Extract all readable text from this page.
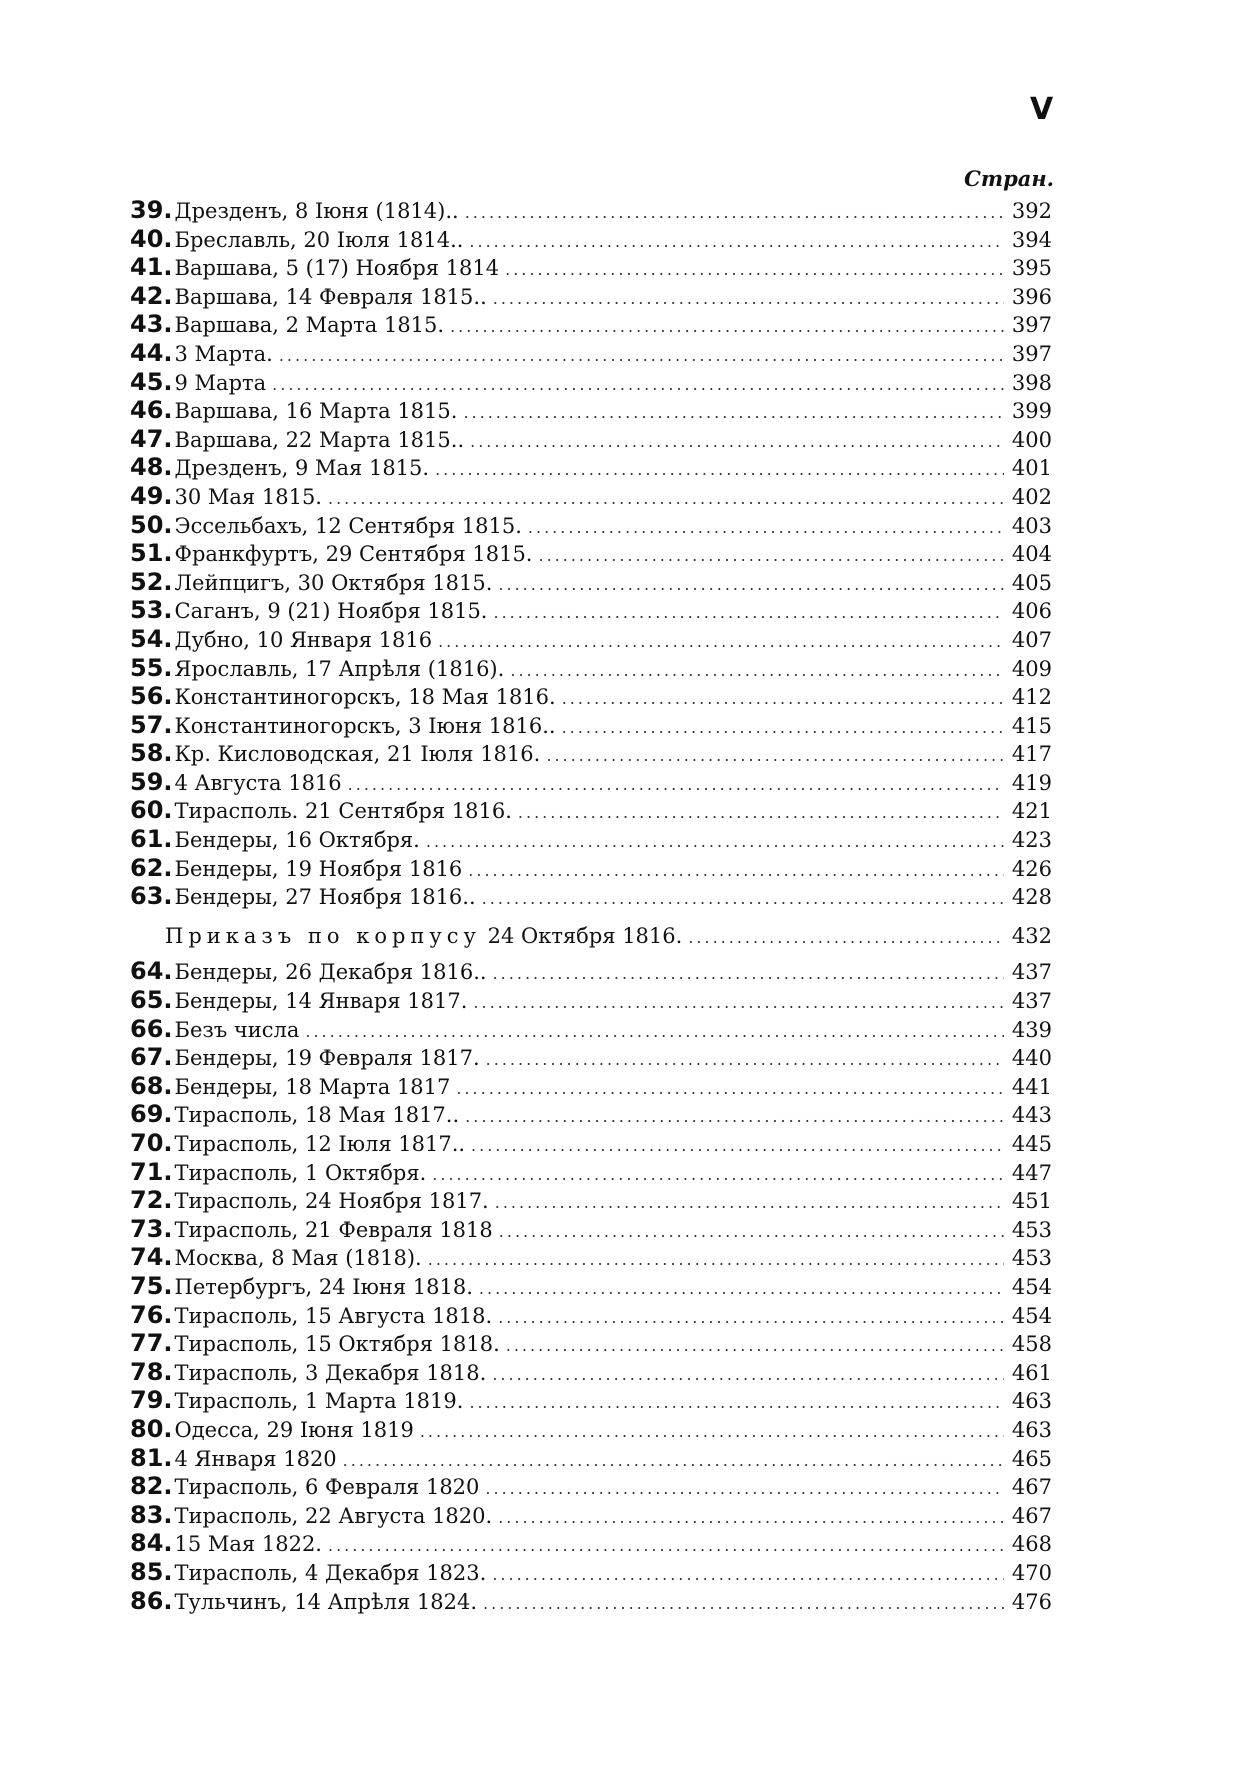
V
Стран.
39. Дрезденъ, 8 Іюня (1814).. .....	392
40. Бреславль, 20 Іюля 1814.. .....	394
41. Варшава, 5 (17) Ноября 1814 .....	395
42. Варшава, 14 Февраля 1815.. .....	396
43. Варшава, 2 Марта 1815. .....	397
44. 3 Марта. .....	397
45. 9 Марта .....	398
46. Варшава, 16 Марта 1815. .....	399
47. Варшава, 22 Марта 1815.. .....	400
48. Дрезденъ, 9 Мая 1815. .....	401
49. 30 Мая 1815. .....	402
50. Эссельбахъ, 12 Сентября 1815. .....	403
51. Франкфуртъ, 29 Сентября 1815. .....	404
52. Лейпцигъ, 30 Октября 1815. .....	405
53. Саганъ, 9 (21) Ноября 1815. .....	406
54. Дубно, 10 Января 1816 .....	407
55. Ярославль, 17 Апрѣля (1816). .....	409
56. Константиногорскъ, 18 Мая 1816. .....	412
57. Константиногорскъ, 3 Іюня 1816.. .....	415
58. Кр. Кисловодская, 21 Іюля 1816. .....	417
59. 4 Августа 1816 .....	419
60. Тирасполь. 21 Сентября 1816. .....	421
61. Бендеры, 16 Октября. .....	423
62. Бендеры, 19 Ноября 1816 .....	426
63. Бендеры, 27 Ноября 1816.. .....	428
Приказъ по корпусу 24 Октября 1816. .....	432
64. Бендеры, 26 Декабря 1816.. .....	437
65. Бендеры, 14 Января 1817. .....	437
66. Безъ числа .....	439
67. Бендеры, 19 Февраля 1817. .....	440
68. Бендеры, 18 Марта 1817 .....	441
69. Тирасполь, 18 Мая 1817.. .....	443
70. Тирасполь, 12 Іюля 1817.. .....	445
71. Тирасполь, 1 Октября. .....	447
72. Тирасполь, 24 Ноября 1817. .....	451
73. Тирасполь, 21 Февраля 1818 .....	453
74. Москва, 8 Мая (1818). .....	453
75. Петербургъ, 24 Іюня 1818. .....	454
76. Тирасполь, 15 Августа 1818. .....	454
77. Тирасполь, 15 Октября 1818. .....	458
78. Тирасполь, 3 Декабря 1818. .....	461
79. Тирасполь, 1 Марта 1819. .....	463
80. Одесса, 29 Іюня 1819 .....	463
81. 4 Января 1820 .....	465
82. Тирасполь, 6 Февраля 1820 .....	467
83. Тирасполь, 22 Августа 1820. .....	467
84. 15 Мая 1822. .....	468
85. Тирасполь, 4 Декабря 1823. .....	470
86. Тульчинъ, 14 Апрѣля 1824. .....	476
